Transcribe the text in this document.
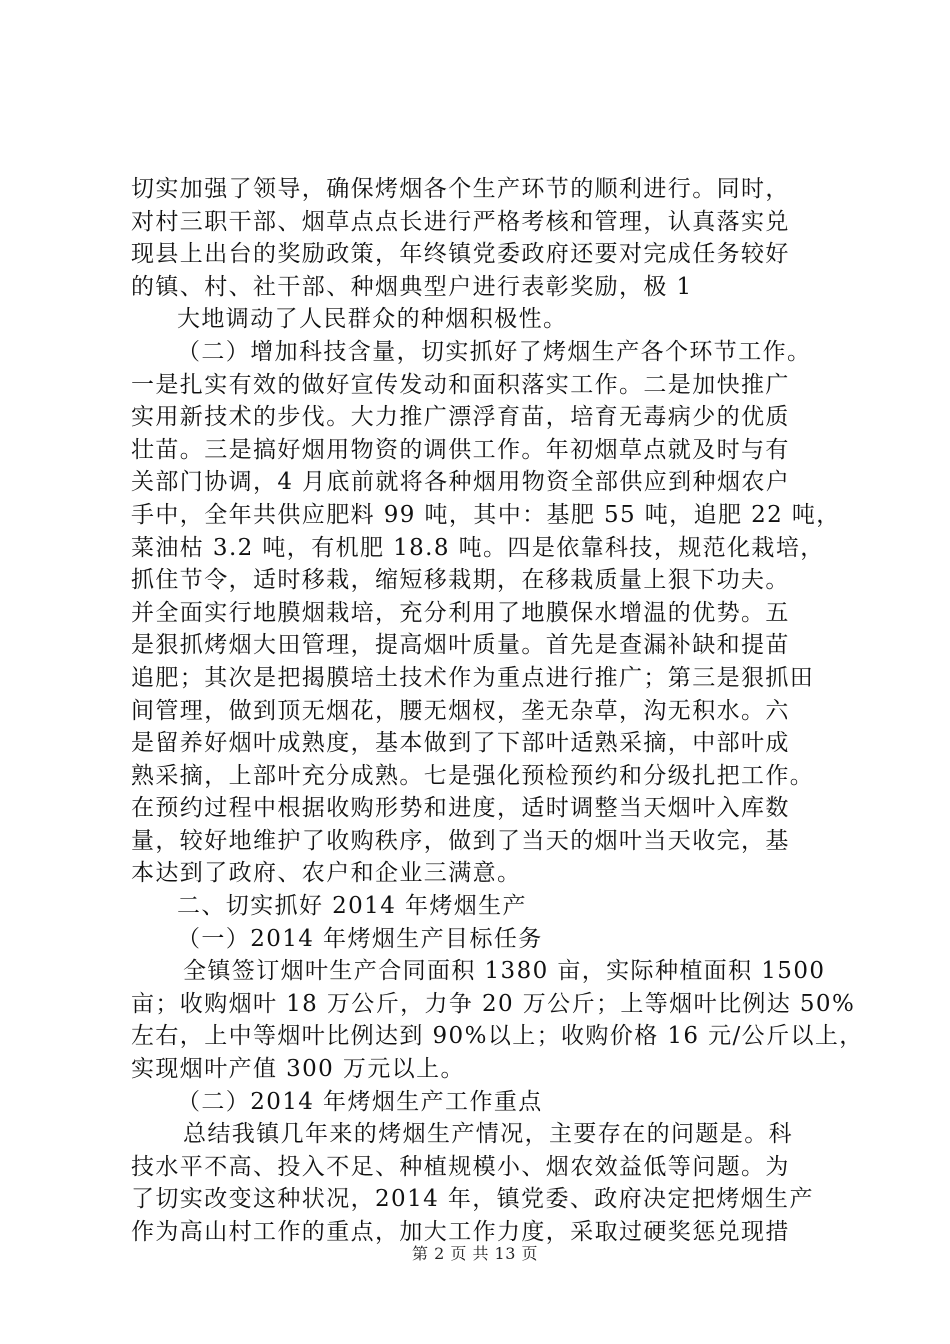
切实加强了领导，确保烤烟各个生产环节的顺利进行。同时，
对村三职干部、烟草点点长进行严格考核和管理，认真落实兑
现县上出台的奖励政策，年终镇党委政府还要对完成任务较好
的镇、村、社干部、种烟典型户进行表彰奖励，极 1
大地调动了人民群众的种烟积极性。
（二）增加科技含量，切实抓好了烤烟生产各个环节工作。
一是扎实有效的做好宣传发动和面积落实工作。二是加快推广
实用新技术的步伐。大力推广漂浮育苗，培育无毒病少的优质
壮苗。三是搞好烟用物资的调供工作。年初烟草点就及时与有
关部门协调，4 月底前就将各种烟用物资全部供应到种烟农户
手中，全年共供应肥料 99 吨，其中：基肥 55 吨，追肥 22 吨，
菜油枯 3.2 吨，有机肥 18.8 吨。四是依靠科技，规范化栽培，
抓住节令，适时移栽，缩短移栽期，在移栽质量上狠下功夫。
并全面实行地膜烟栽培，充分利用了地膜保水增温的优势。五
是狠抓烤烟大田管理，提高烟叶质量。首先是查漏补缺和提苗
追肥；其次是把揭膜培土技术作为重点进行推广；第三是狠抓田
间管理，做到顶无烟花，腰无烟杈，垄无杂草，沟无积水。六
是留养好烟叶成熟度，基本做到了下部叶适熟采摘，中部叶成
熟采摘，上部叶充分成熟。七是强化预检预约和分级扎把工作。
在预约过程中根据收购形势和进度，适时调整当天烟叶入库数
量，较好地维护了收购秩序，做到了当天的烟叶当天收完，基
本达到了政府、农户和企业三满意。
二、切实抓好 2014 年烤烟生产
（一）2014 年烤烟生产目标任务
全镇签订烟叶生产合同面积 1380 亩，实际种植面积 1500
亩；收购烟叶 18 万公斤，力争 20 万公斤；上等烟叶比例达 50%
左右，上中等烟叶比例达到 90%以上；收购价格 16 元/公斤以上，
实现烟叶产值 300 万元以上。
（二）2014 年烤烟生产工作重点
总结我镇几年来的烤烟生产情况，主要存在的问题是。科
技水平不高、投入不足、种植规模小、烟农效益低等问题。为
了切实改变这种状况，2014 年，镇党委、政府决定把烤烟生产
作为高山村工作的重点，加大工作力度，采取过硬奖惩兑现措
第 2 页 共 13 页
